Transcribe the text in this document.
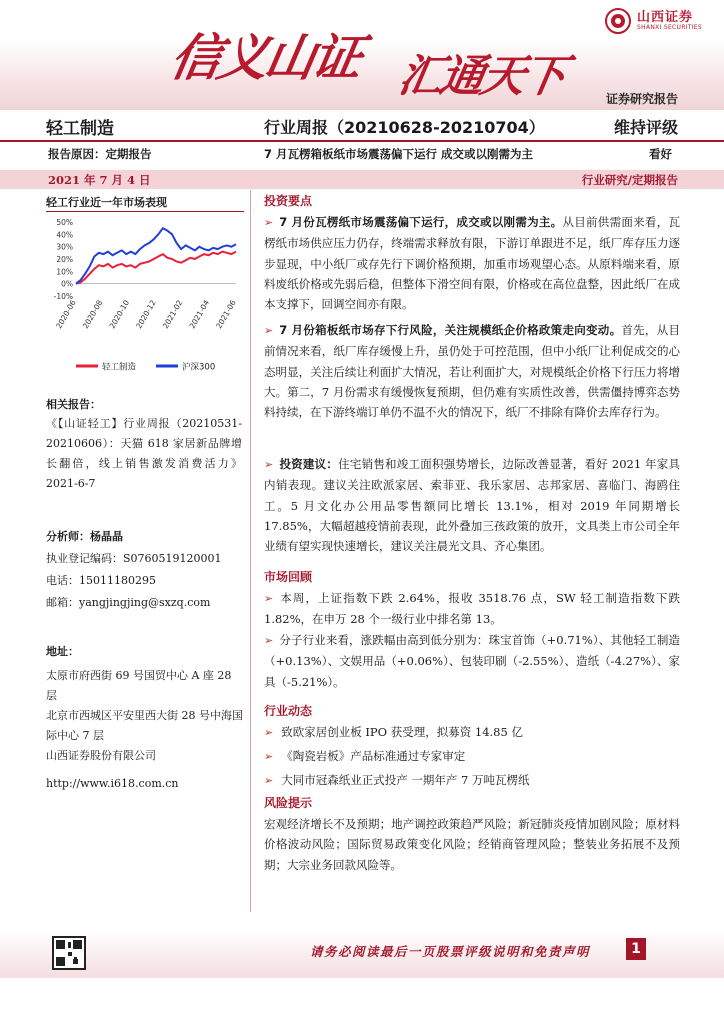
信义山证 汇通天下
山西证券
SHANXI SECURITIES
证券研究报告
轻工制造	行业周报（20210628-20210704）	维持评级
报告原因：定期报告	7 月瓦楞箱板纸市场震荡偏下运行 成交或以刚需为主	看好
2021 年 7 月 4 日	行业研究/定期报告
轻工行业近一年市场表现
50%
40%
30%
20%
10%
0%
-10%
2020-06 2020-08 2020-10 2020-12 2021-02 2021-04 2021-06
轻工制造	沪深300
相关报告：
《【山证轻工】行业周报（20210531-20210606）：天猫 618 家居新品牌增长翻倍，线上销售激发消费活力》2021-6-7
分析师：杨晶晶
执业登记编码：S0760519120001
电话：15011180295
邮箱：yangjingjing@sxzq.com
地址：
太原市府西街 69 号国贸中心 A 座 28 层
北京市西城区平安里西大街 28 号中海国际中心 7 层
山西证券股份有限公司
http://www.i618.com.cn
投资要点
➢ 7 月份瓦楞纸市场震荡偏下运行，成交或以刚需为主。从目前供需面来看，瓦楞纸市场供应压力仍存，终端需求释放有限，下游订单跟进不足，纸厂库存压力逐步显现，中小纸厂或存先行下调价格预期，加重市场观望心态。从原料端来看，原料废纸价格或先弱后稳，但整体下滑空间有限，价格或在高位盘整，因此纸厂在成本支撑下，回调空间亦有限。
➢ 7 月份箱板纸市场存下行风险，关注规模纸企价格政策走向变动。首先，从目前情况来看，纸厂库存缓慢上升，虽仍处于可控范围，但中小纸厂让利促成交的心态明显，关注后续让利面扩大情况，若让利面扩大，对规模纸企价格下行压力将增大。第二，7 月份需求有缓慢恢复预期，但仍难有实质性改善，供需僵持博弈态势料持续，在下游终端订单仍不温不火的情况下，纸厂不排除有降价去库存行为。
➢ 投资建议：住宅销售和竣工面积强势增长，边际改善显著，看好 2021 年家具内销表现。建议关注欧派家居、索菲亚、我乐家居、志邦家居、喜临门、海鸥住工。5 月文化办公用品零售额同比增长 13.1%，相对 2019 年同期增长 17.85%，大幅超越疫情前表现，此外叠加三孩政策的放开，文具类上市公司全年业绩有望实现快速增长，建议关注晨光文具、齐心集团。
市场回顾
➢ 本周，上证指数下跌 2.64%，报收 3518.76 点，SW 轻工制造指数下跌 1.82%，在申万 28 个一级行业中排名第 13。
➢ 分子行业来看，涨跌幅由高到低分别为：珠宝首饰（+0.71%）、其他轻工制造（+0.13%）、文娱用品（+0.06%）、包装印刷（-2.55%）、造纸（-4.27%）、家具（-5.21%）。
行业动态
➢ 致欧家居创业板 IPO 获受理，拟募资 14.85 亿
➢ 《陶瓷岩板》产品标准通过专家审定
➢ 大同市冠森纸业正式投产 一期年产 7 万吨瓦楞纸
风险提示
宏观经济增长不及预期；地产调控政策趋严风险；新冠肺炎疫情加剧风险；原材料价格波动风险；国际贸易政策变化风险；经销商管理风险；整装业务拓展不及预期；大宗业务回款风险等。
请务必阅读最后一页股票评级说明和免责声明	1
